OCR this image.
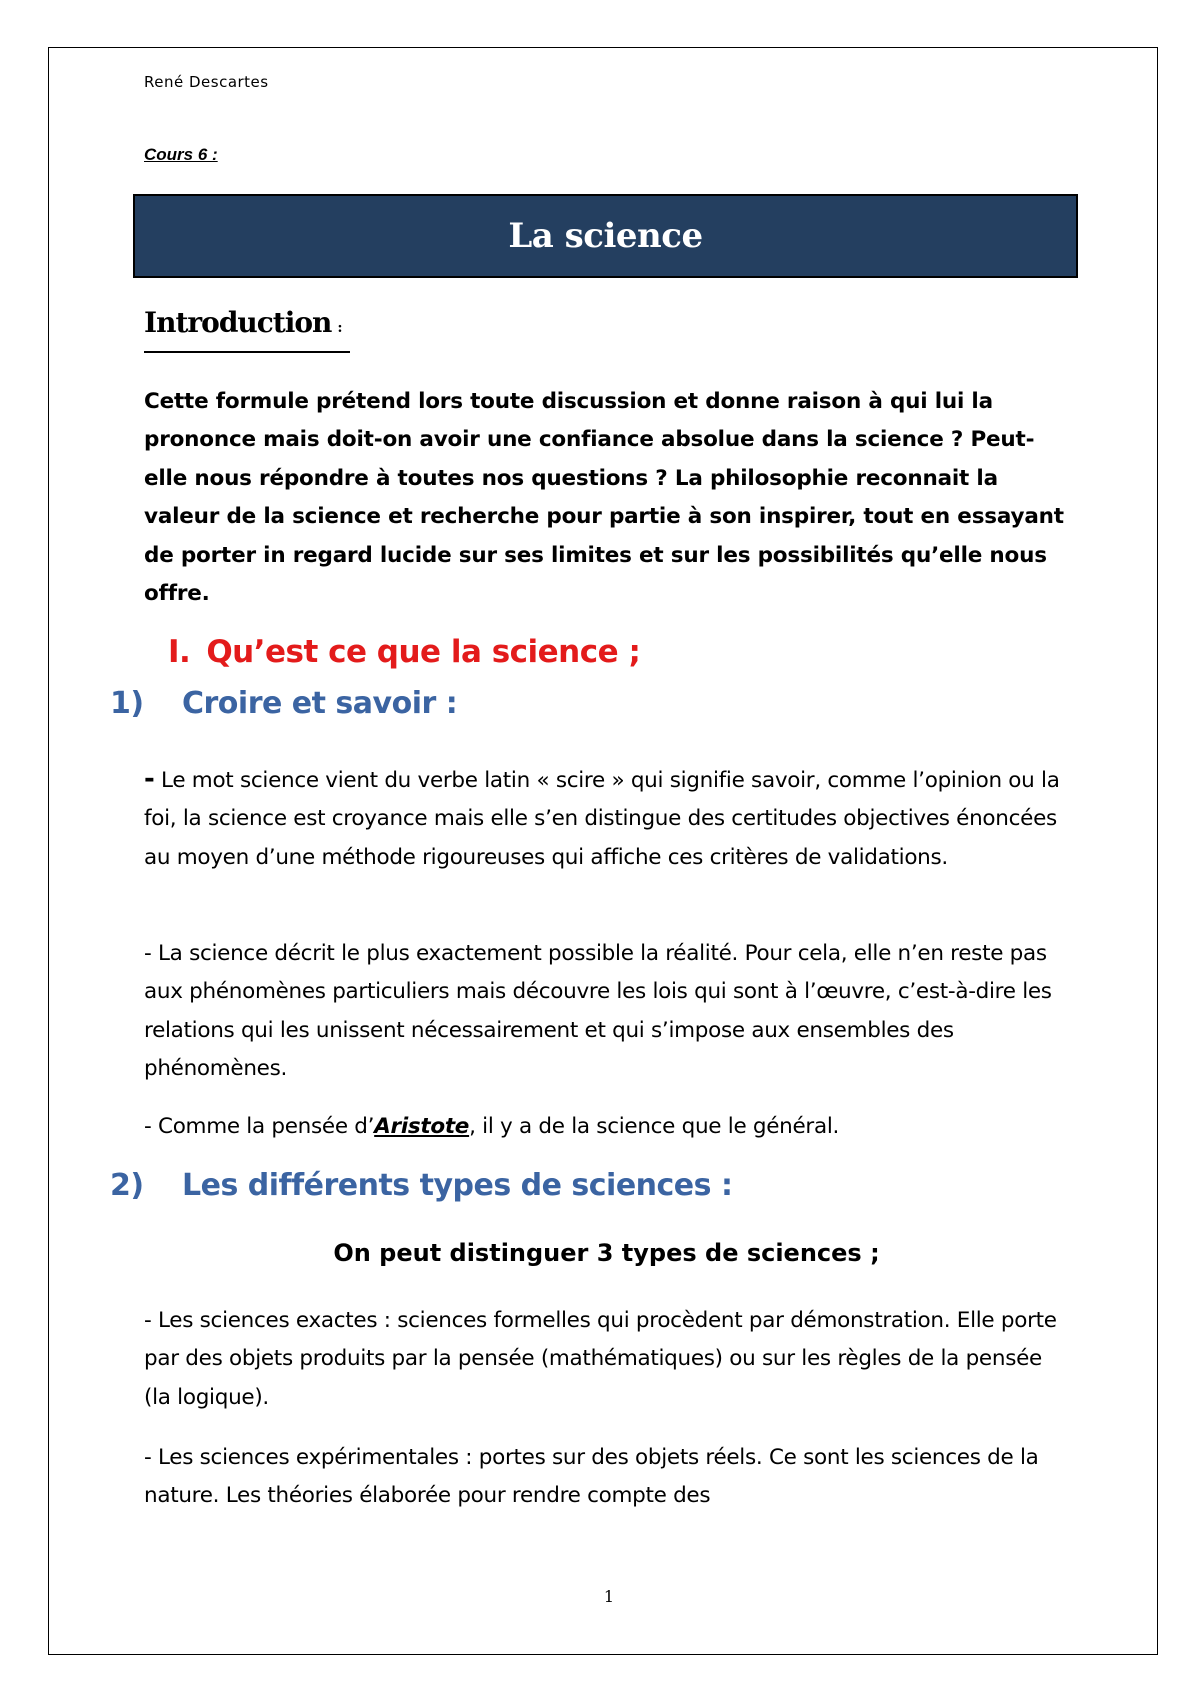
René Descartes
Cours 6 :
La science
Introduction :
Cette formule prétend lors toute discussion et donne raison à qui lui la prononce mais doit-on avoir une confiance absolue dans la science ? Peut-elle nous répondre à toutes nos questions ? La philosophie reconnait la valeur de la science et recherche pour partie à son inspirer, tout en essayant de porter in regard lucide sur ses limites et sur les possibilités qu’elle nous offre.
I. Qu’est ce que la science ;
1) Croire et savoir :
- Le mot science vient du verbe latin « scire » qui signifie savoir, comme l’opinion ou la foi, la science est croyance mais elle s’en distingue des certitudes objectives énoncées au moyen d’une méthode rigoureuses qui affiche ces critères de validations.
- La science décrit le plus exactement possible la réalité. Pour cela, elle n’en reste pas aux phénomènes particuliers mais découvre les lois qui sont à l’œuvre, c’est-à-dire les relations qui les unissent nécessairement et qui s’impose aux ensembles des phénomènes.
- Comme la pensée d’Aristote, il y a de la science que le général.
2) Les différents types de sciences :
On peut distinguer 3 types de sciences ;
- Les sciences exactes : sciences formelles qui procèdent par démonstration. Elle porte par des objets produits par la pensée (mathématiques) ou sur les règles de la pensée (la logique).
- Les sciences expérimentales : portes sur des objets réels. Ce sont les sciences de la nature. Les théories élaborée pour rendre compte des
1
